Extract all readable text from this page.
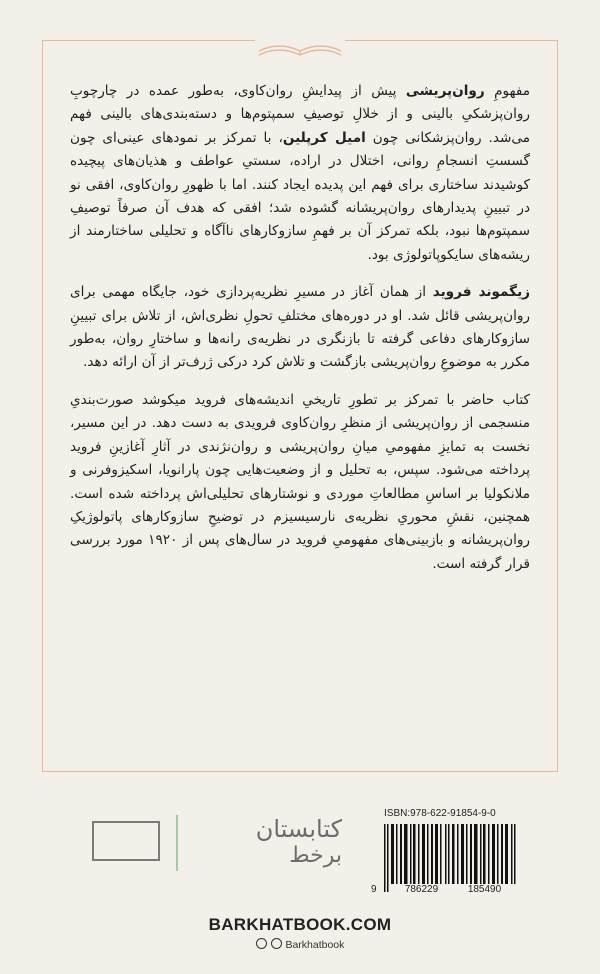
مفهومِ روان‌پریشی پیش از پیدایشِ روان‌کاوی، به‌طور عمده در چارچوبِ روان‌پزشکیِ بالینی و از خلالِ توصیفِ سمپتوم‌ها و دسته‌بندی‌های بالینی فهم می‌شد. روان‌پزشکانی چون امیل کرپلین، با تمرکز بر نمودهای عینی‌ای چون گسستِ انسجامِ روانی، اختلال در اراده، سستیِ عواطف و هذیان‌های پیچیده کوشیدند ساختاری برای فهم این پدیده ایجاد کنند. اما با ظهورِ روان‌کاوی، افقی نو در تبیینِ پدیدارهای روان‌پریشانه گشوده شد؛ افقی که هدف آن صرفاً توصیفِ سمپتوم‌ها نبود، بلکه تمرکز آن بر فهمِ سازوکارهای ناآگاه و تحلیلی ساختارمند از ریشه‌های سایکوپاتولوژی بود.

زیگموند فروید از همان آغاز در مسیرِ نظریه‌پردازی خود، جایگاه مهمی برای روان‌پریشی قائل شد. او در دوره‌های مختلفِ تحولِ نظری‌اش، از تلاش برای تبیینِ سازوکارهای دفاعی گرفته تا بازنگری در نظریه‌ی رانه‌ها و ساختارِ روان، به‌طور مکرر به موضوعِ روان‌پریشی بازگشت و تلاش کرد درکی ژرف‌تر از آن ارائه دهد.

کتاب حاضر با تمرکز بر تطورِ تاریخیِ اندیشه‌های فروید میکوشد صورت‌بندیِ منسجمی از روان‌پریشی از منظرِ روان‌کاوی فرویدی به دست دهد. در این مسیر، نخست به تمایزِ مفهومیِ میانِ روان‌پریشی و روان‌نژندی در آثارِ آغازینِ فروید پرداخته می‌شود. سپس، به تحلیل و از وضعیت‌هایی چون پارانویا، اسکیزوفرنی و ملانکولیا بر اساسِ مطالعاتِ موردی و نوشتارهای تحلیلی‌اش پرداخته شده است. همچنین، نقشِ محوریِ نظریه‌ی نارسیسیزم در توضیحِ سازوکارهای پاتولوژیکِ روان‌پریشانه و بازبینی‌های مفهومیِ فروید در سال‌های پس از ۱۹۲۰ مورد بررسی قرار گرفته است.

کتابستان
برخط
ISBN:978-622-91854-9-0
9	786229	185490
BARKHATBOOK.COM
Barkhatbook
